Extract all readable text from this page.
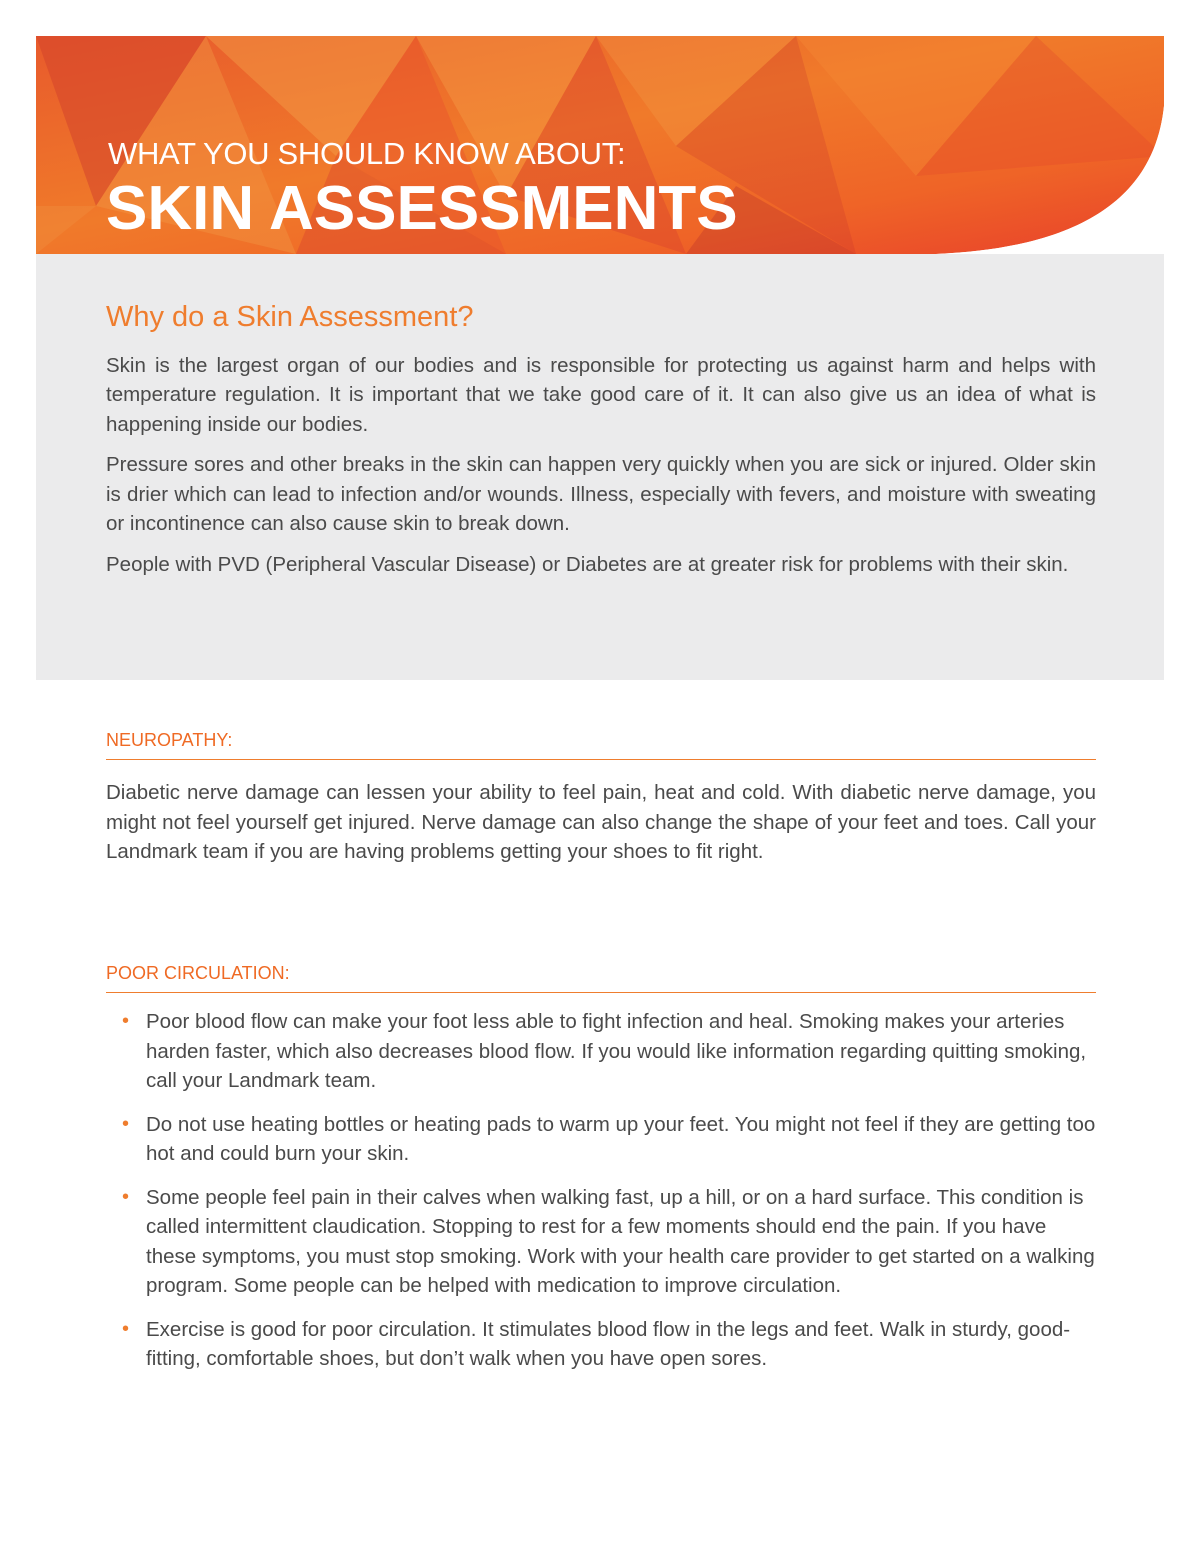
WHAT YOU SHOULD KNOW ABOUT:
SKIN ASSESSMENTS
Why do a Skin Assessment?

Skin is the largest organ of our bodies and is responsible for protecting us against harm and helps with temperature regulation. It is important that we take good care of it. It can also give us an idea of what is happening inside our bodies.

Pressure sores and other breaks in the skin can happen very quickly when you are sick or injured. Older skin is drier which can lead to infection and/or wounds. Illness, especially with fevers, and moisture with sweating or incontinence can also cause skin to break down.

People with PVD (Peripheral Vascular Disease) or Diabetes are at greater risk for problems with their skin.

NEUROPATHY:

Diabetic nerve damage can lessen your ability to feel pain, heat and cold. With diabetic nerve damage, you might not feel yourself get injured. Nerve damage can also change the shape of your feet and toes. Call your Landmark team if you are having problems getting your shoes to fit right.

POOR CIRCULATION:
• Poor blood flow can make your foot less able to fight infection and heal. Smoking makes your arteries harden faster, which also decreases blood flow. If you would like information regarding quitting smoking, call your Landmark team.
• Do not use heating bottles or heating pads to warm up your feet. You might not feel if they are getting too hot and could burn your skin.
• Some people feel pain in their calves when walking fast, up a hill, or on a hard surface. This condition is called intermittent claudication. Stopping to rest for a few moments should end the pain. If you have these symptoms, you must stop smoking. Work with your health care provider to get started on a walking program. Some people can be helped with medication to improve circulation.
• Exercise is good for poor circulation. It stimulates blood flow in the legs and feet. Walk in sturdy, good-fitting, comfortable shoes, but don’t walk when you have open sores.
